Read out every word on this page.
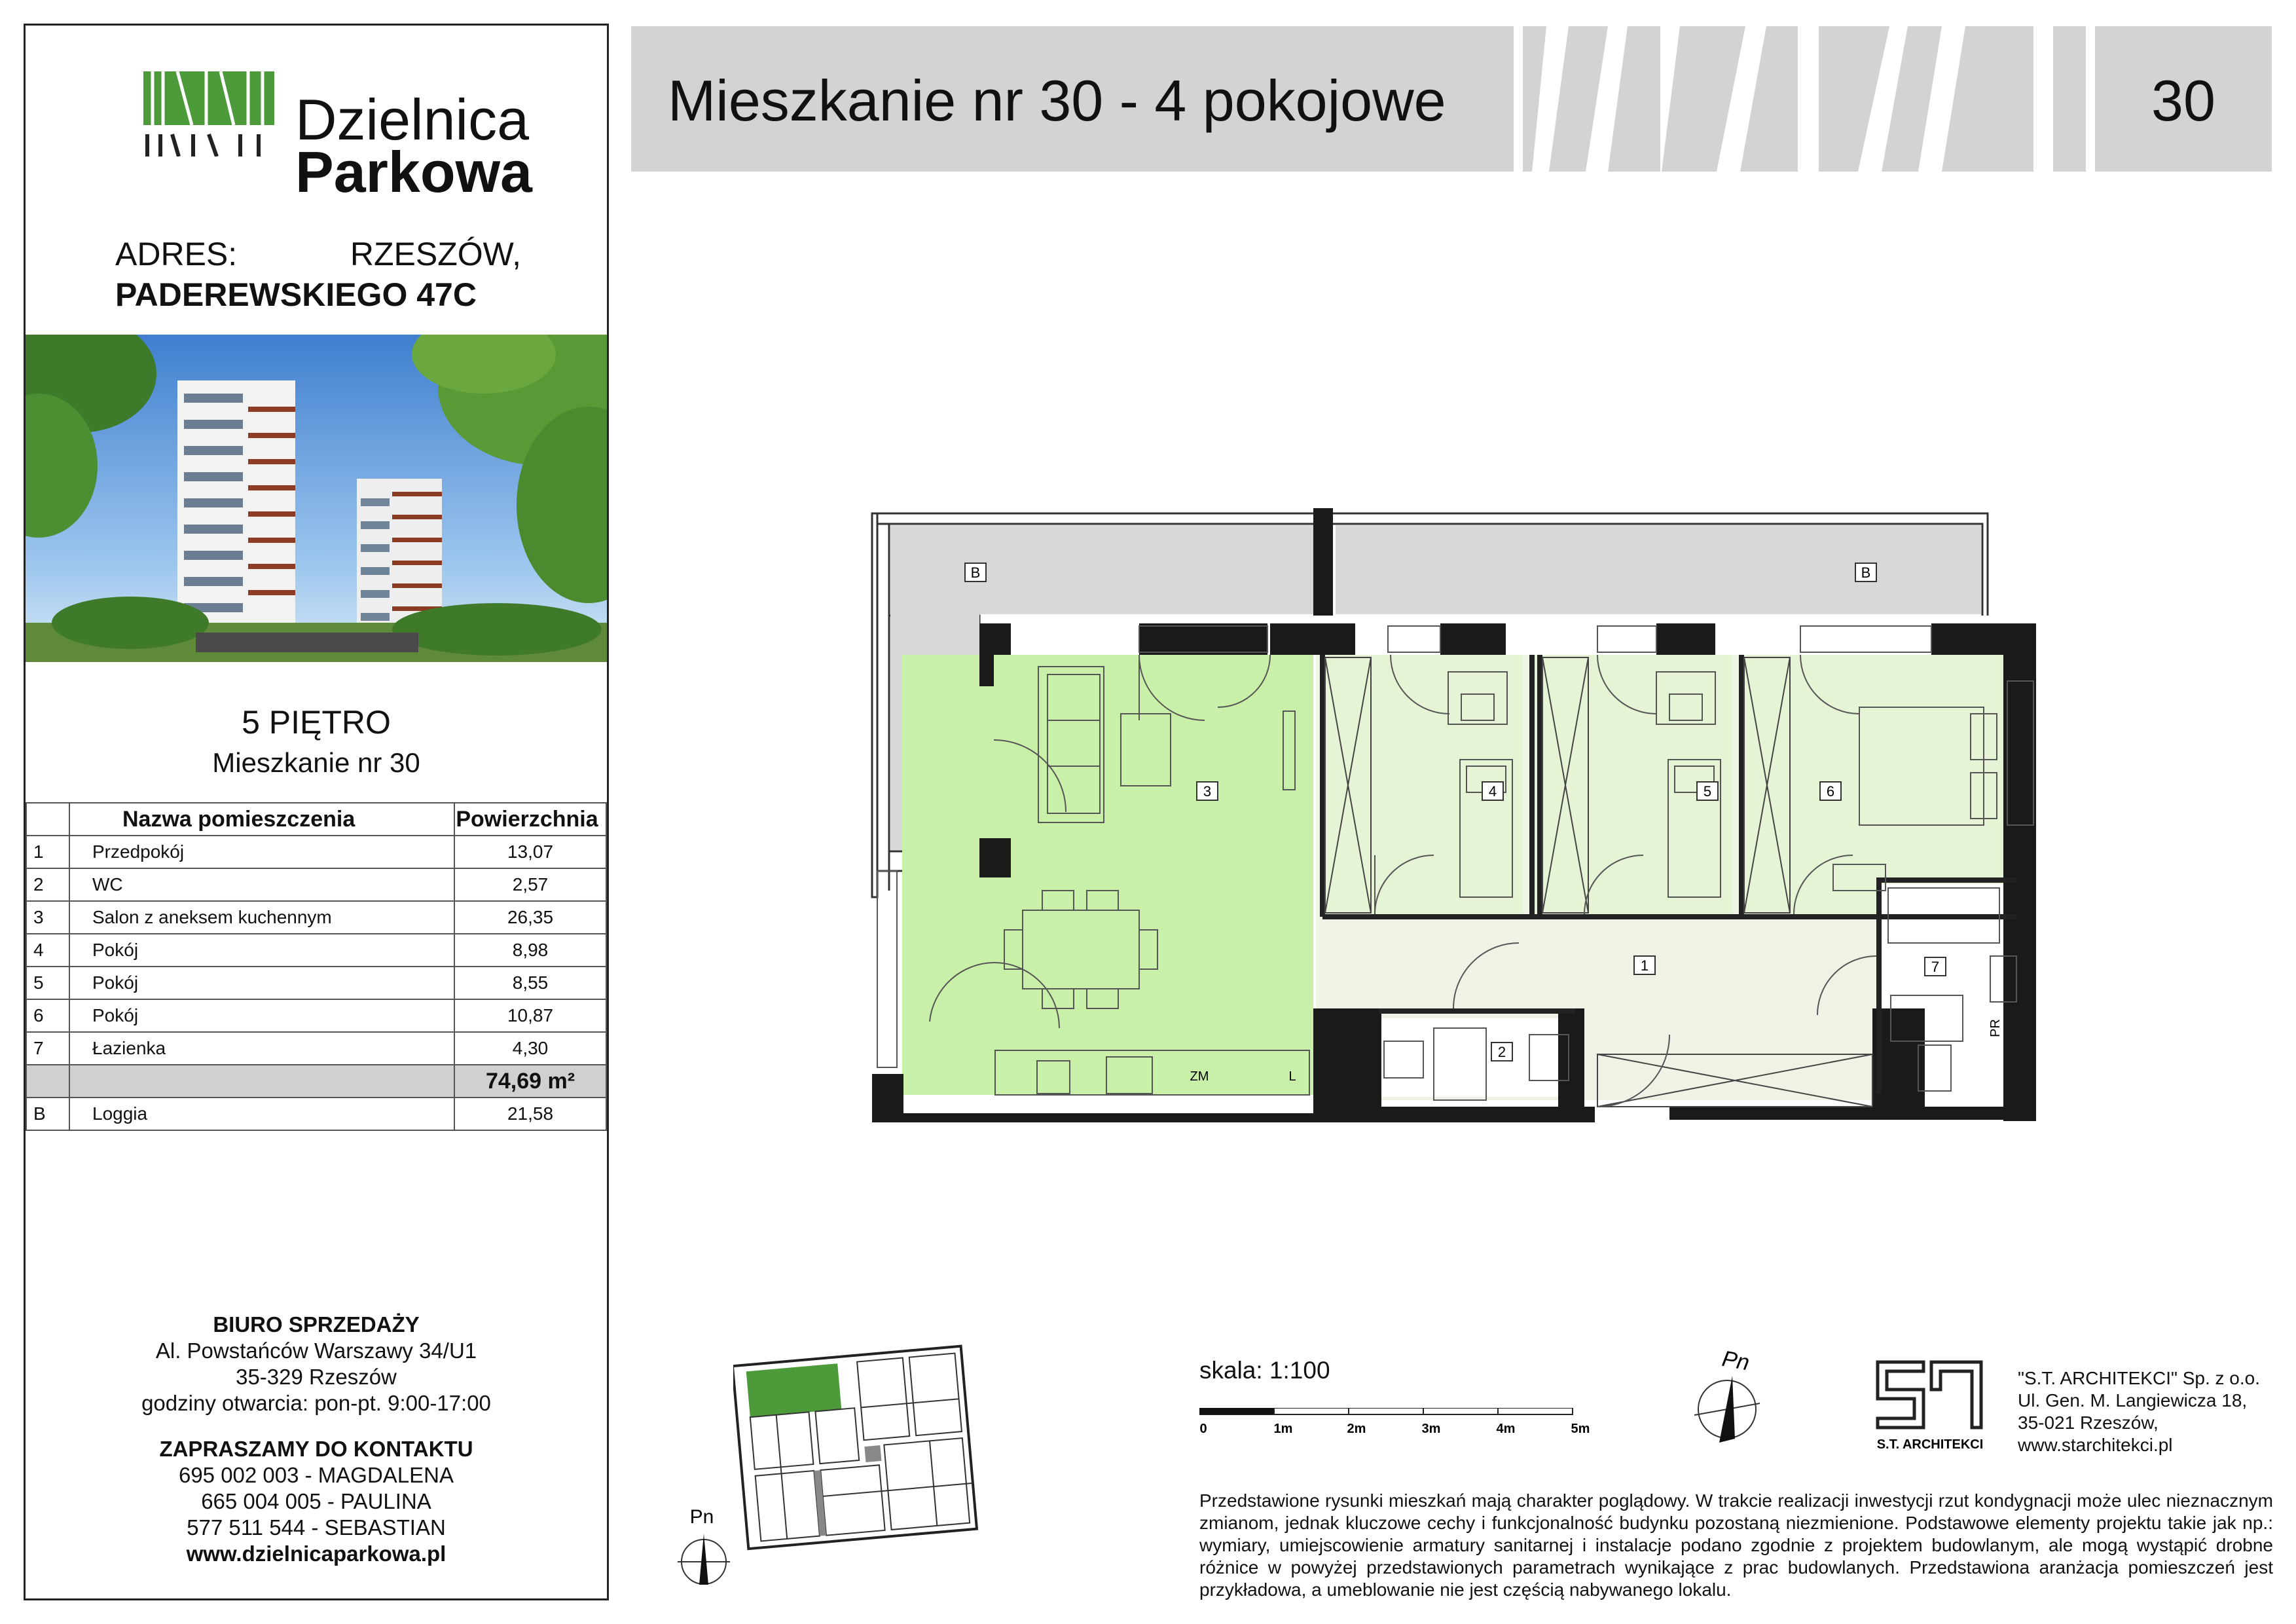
Dzielnica
Parkowa
ADRES:	RZESZÓW,
PADEREWSKIEGO 47C
5 PIĘTRO
Mieszkanie nr 30
	Nazwa pomieszczenia	Powierzchnia
1	Przedpokój	13,07
2	WC	2,57
3	Salon z aneksem kuchennym	26,35
4	Pokój	8,98
5	Pokój	8,55
6	Pokój	10,87
7	Łazienka	4,30
		74,69 m²
B	Loggia	21,58
BIURO SPRZEDAŻY
Al. Powstańców Warszawy 34/U1
35-329 Rzeszów
godziny otwarcia: pon-pt. 9:00-17:00
ZAPRASZAMY DO KONTAKTU
695 002 003 - MAGDALENA
665 004 005 - PAULINA
577 511 544 - SEBASTIAN
www.dzielnicaparkowa.pl
Mieszkanie nr 30 - 4 pokojowe	30
3	4	5	6
1
2
7
B	B
ZM	L
PR
Pn
skala: 1:100
0	1m	2m	3m	4m	5m
Pn
S.T. ARCHITEKCI
"S.T. ARCHITEKCI" Sp. z o.o.
Ul. Gen. M. Langiewicza 18,
35-021 Rzeszów,
www.starchitekci.pl
Przedstawione rysunki mieszkań mają charakter poglądowy. W trakcie realizacji inwestycji rzut kondygnacji może ulec nieznacznym zmianom, jednak kluczowe cechy i funkcjonalność budynku pozostaną niezmienione. Podstawowe elementy projektu takie jak np.: wymiary, umiejscowienie armatury sanitarnej i instalacje podano zgodnie z projektem budowlanym, ale mogą wystąpić drobne różnice w powyżej przedstawionych parametrach wynikające z prac budowlanych. Przedstawiona aranżacja pomieszczeń jest przykładowa, a umeblowanie nie jest częścią nabywanego lokalu.
